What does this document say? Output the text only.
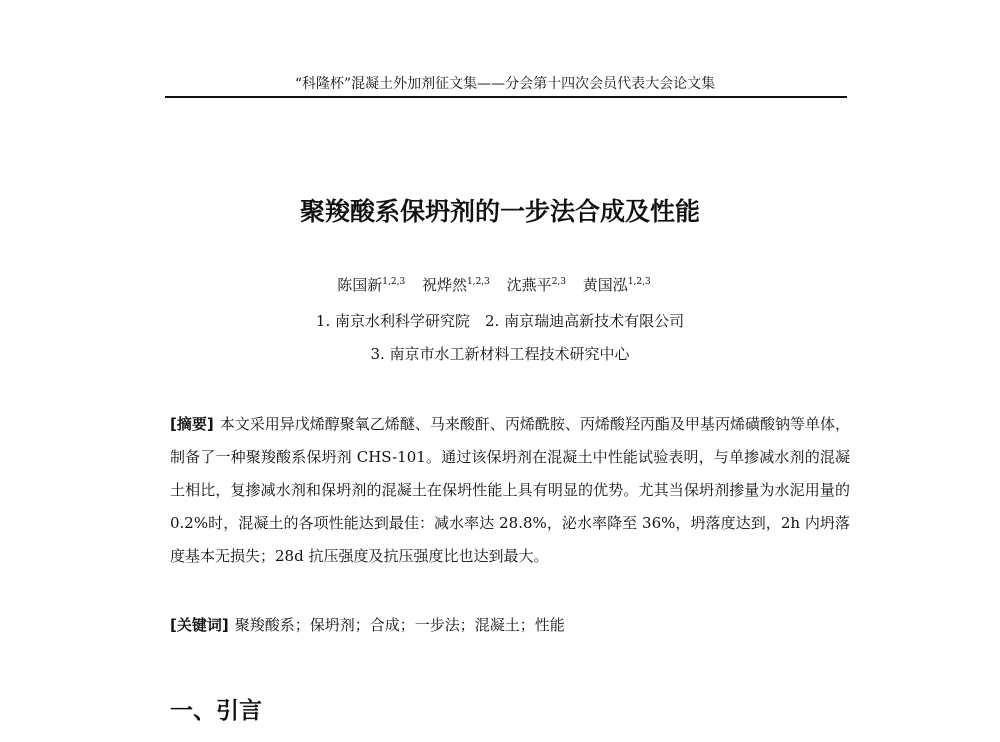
“科隆杯”混凝土外加剂征文集——分会第十四次会员代表大会论文集
聚羧酸系保坍剂的一步法合成及性能
陈国新$^{1,2,3}$ 祝烨然$^{1,2,3}$ 沈燕平$^{2,3}$ 黄国泓$^{1,2,3}$
1. 南京水利科学研究院　2. 南京瑞迪高新技术有限公司
3. 南京市水工新材料工程技术研究中心
[摘要] 本文采用异戊烯醇聚氧乙烯醚、马来酸酐、丙烯酰胺、丙烯酸羟丙酯及甲基丙烯磺酸钠等单体，制备了一种聚羧酸系保坍剂 CHS-101。通过该保坍剂在混凝土中性能试验表明，与单掺减水剂的混凝土相比，复掺减水剂和保坍剂的混凝土在保坍性能上具有明显的优势。尤其当保坍剂掺量为水泥用量的 0.2%时，混凝土的各项性能达到最佳：减水率达 28.8%，泌水率降至 36%，坍落度达到，2h 内坍落度基本无损失；28d 抗压强度及抗压强度比也达到最大。
[关键词] 聚羧酸系；保坍剂；合成；一步法；混凝土；性能
一、引言
